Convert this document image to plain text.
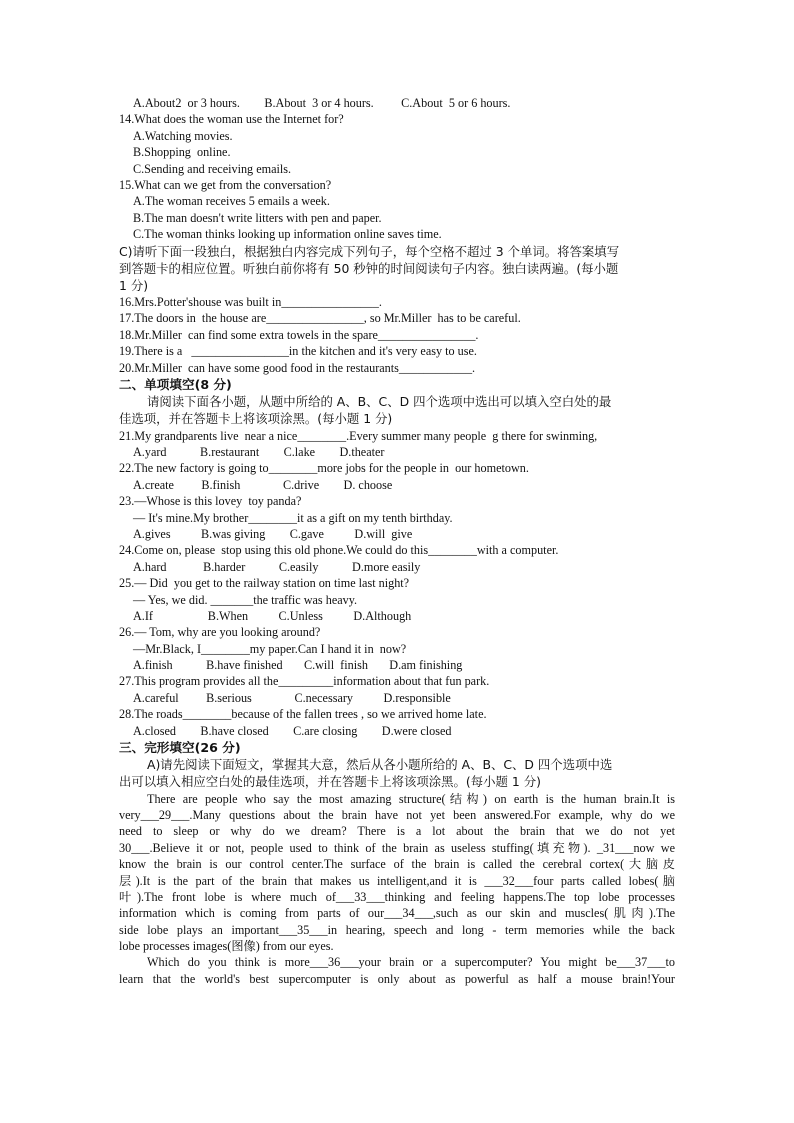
A.About2  or 3 hours.        B.About  3 or 4 hours.         C.About  5 or 6 hours.
14.What does the woman use the Internet for?
A.Watching movies.
B.Shopping  online.
C.Sending and receiving emails.
15.What can we get from the conversation?
A.The woman receives 5 emails a week.
B.The man doesn't write litters with pen and paper.
C.The woman thinks looking up information online saves time.
C)请听下面一段独白，根据独白内容完成下列句子，每个空格不超过 3 个单词。将答案填写
到答题卡的相应位置。听独白前你将有 50 秒钟的时间阅读句子内容。独白读两遍。(每小题
1 分)
16.Mrs.Potter'shouse was built in________________.
17.The doors in  the house are________________, so Mr.Miller  has to be careful.
18.Mr.Miller  can find some extra towels in the spare________________.
19.There is a   ________________in the kitchen and it's very easy to use.
20.Mr.Miller  can have some good food in the restaurants____________.
二、单项填空(8 分)
请阅读下面各小题，从题中所给的 A、B、C、D 四个选项中选出可以填入空白处的最
佳选项，并在答题卡上将该项涂黑。(每小题 1 分)
21.My grandparents live  near a nice________.Every summer many people  g there for swinming,
A.yard           B.restaurant        C.lake        D.theater
22.The new factory is going to________more jobs for the people in  our hometown.
A.create         B.finish              C.drive        D. choose
23.—Whose is this lovey  toy panda?
— It's mine.My brother________it as a gift on my tenth birthday.
A.gives          B.was giving        C.gave          D.will  give
24.Come on, please  stop using this old phone.We could do this________with a computer.
A.hard            B.harder           C.easily           D.more easily
25.— Did  you get to the railway station on time last night?
— Yes, we did. _______the traffic was heavy.
A.If                  B.When          C.Unless          D.Although
26.— Tom, why are you looking around?
—Mr.Black, I________my paper.Can I hand it in  now?
A.finish           B.have finished       C.will  finish       D.am finishing
27.This program provides all the_________information about that fun park.
A.careful         B.serious              C.necessary          D.responsible
28.The roads________because of the fallen trees , so we arrived home late.
A.closed        B.have closed        C.are closing        D.were closed
三、完形填空(26 分)
A)请先阅读下面短文，掌握其大意，然后从各小题所给的 A、B、C、D 四个选项中选
出可以填入相应空白处的最佳选项，并在答题卡上将该项涂黑。(每小题 1 分)
There are people who say the most amazing structure(结构) on earth is the human brain.It is
very___29___.Many questions about the brain have not yet been answered.For example, why do we
need to sleep or why do we dream? There is a lot about the brain that we do not yet
30___.Believe it or not, people used to think of the brain as useless stuffing(填充物). _31___now we
know the brain is our control center.The surface of the brain is called the cerebral cortex(大脑皮
层).It is the part of the brain that makes us intelligent,and it is ___32___four parts called lobes(脑
叶).The front lobe is where much of___33___thinking and feeling happens.The top lobe processes
information which is coming from parts of our___34___,such as our skin and muscles(肌肉).The
side lobe plays an important___35___in hearing, speech and long - term memories while the back
lobe processes images(图像) from our eyes.
Which do you think is more___36___your brain or a supercomputer? You might be___37___to
learn that the world's best supercomputer is only about as powerful as half a mouse brain!Your
